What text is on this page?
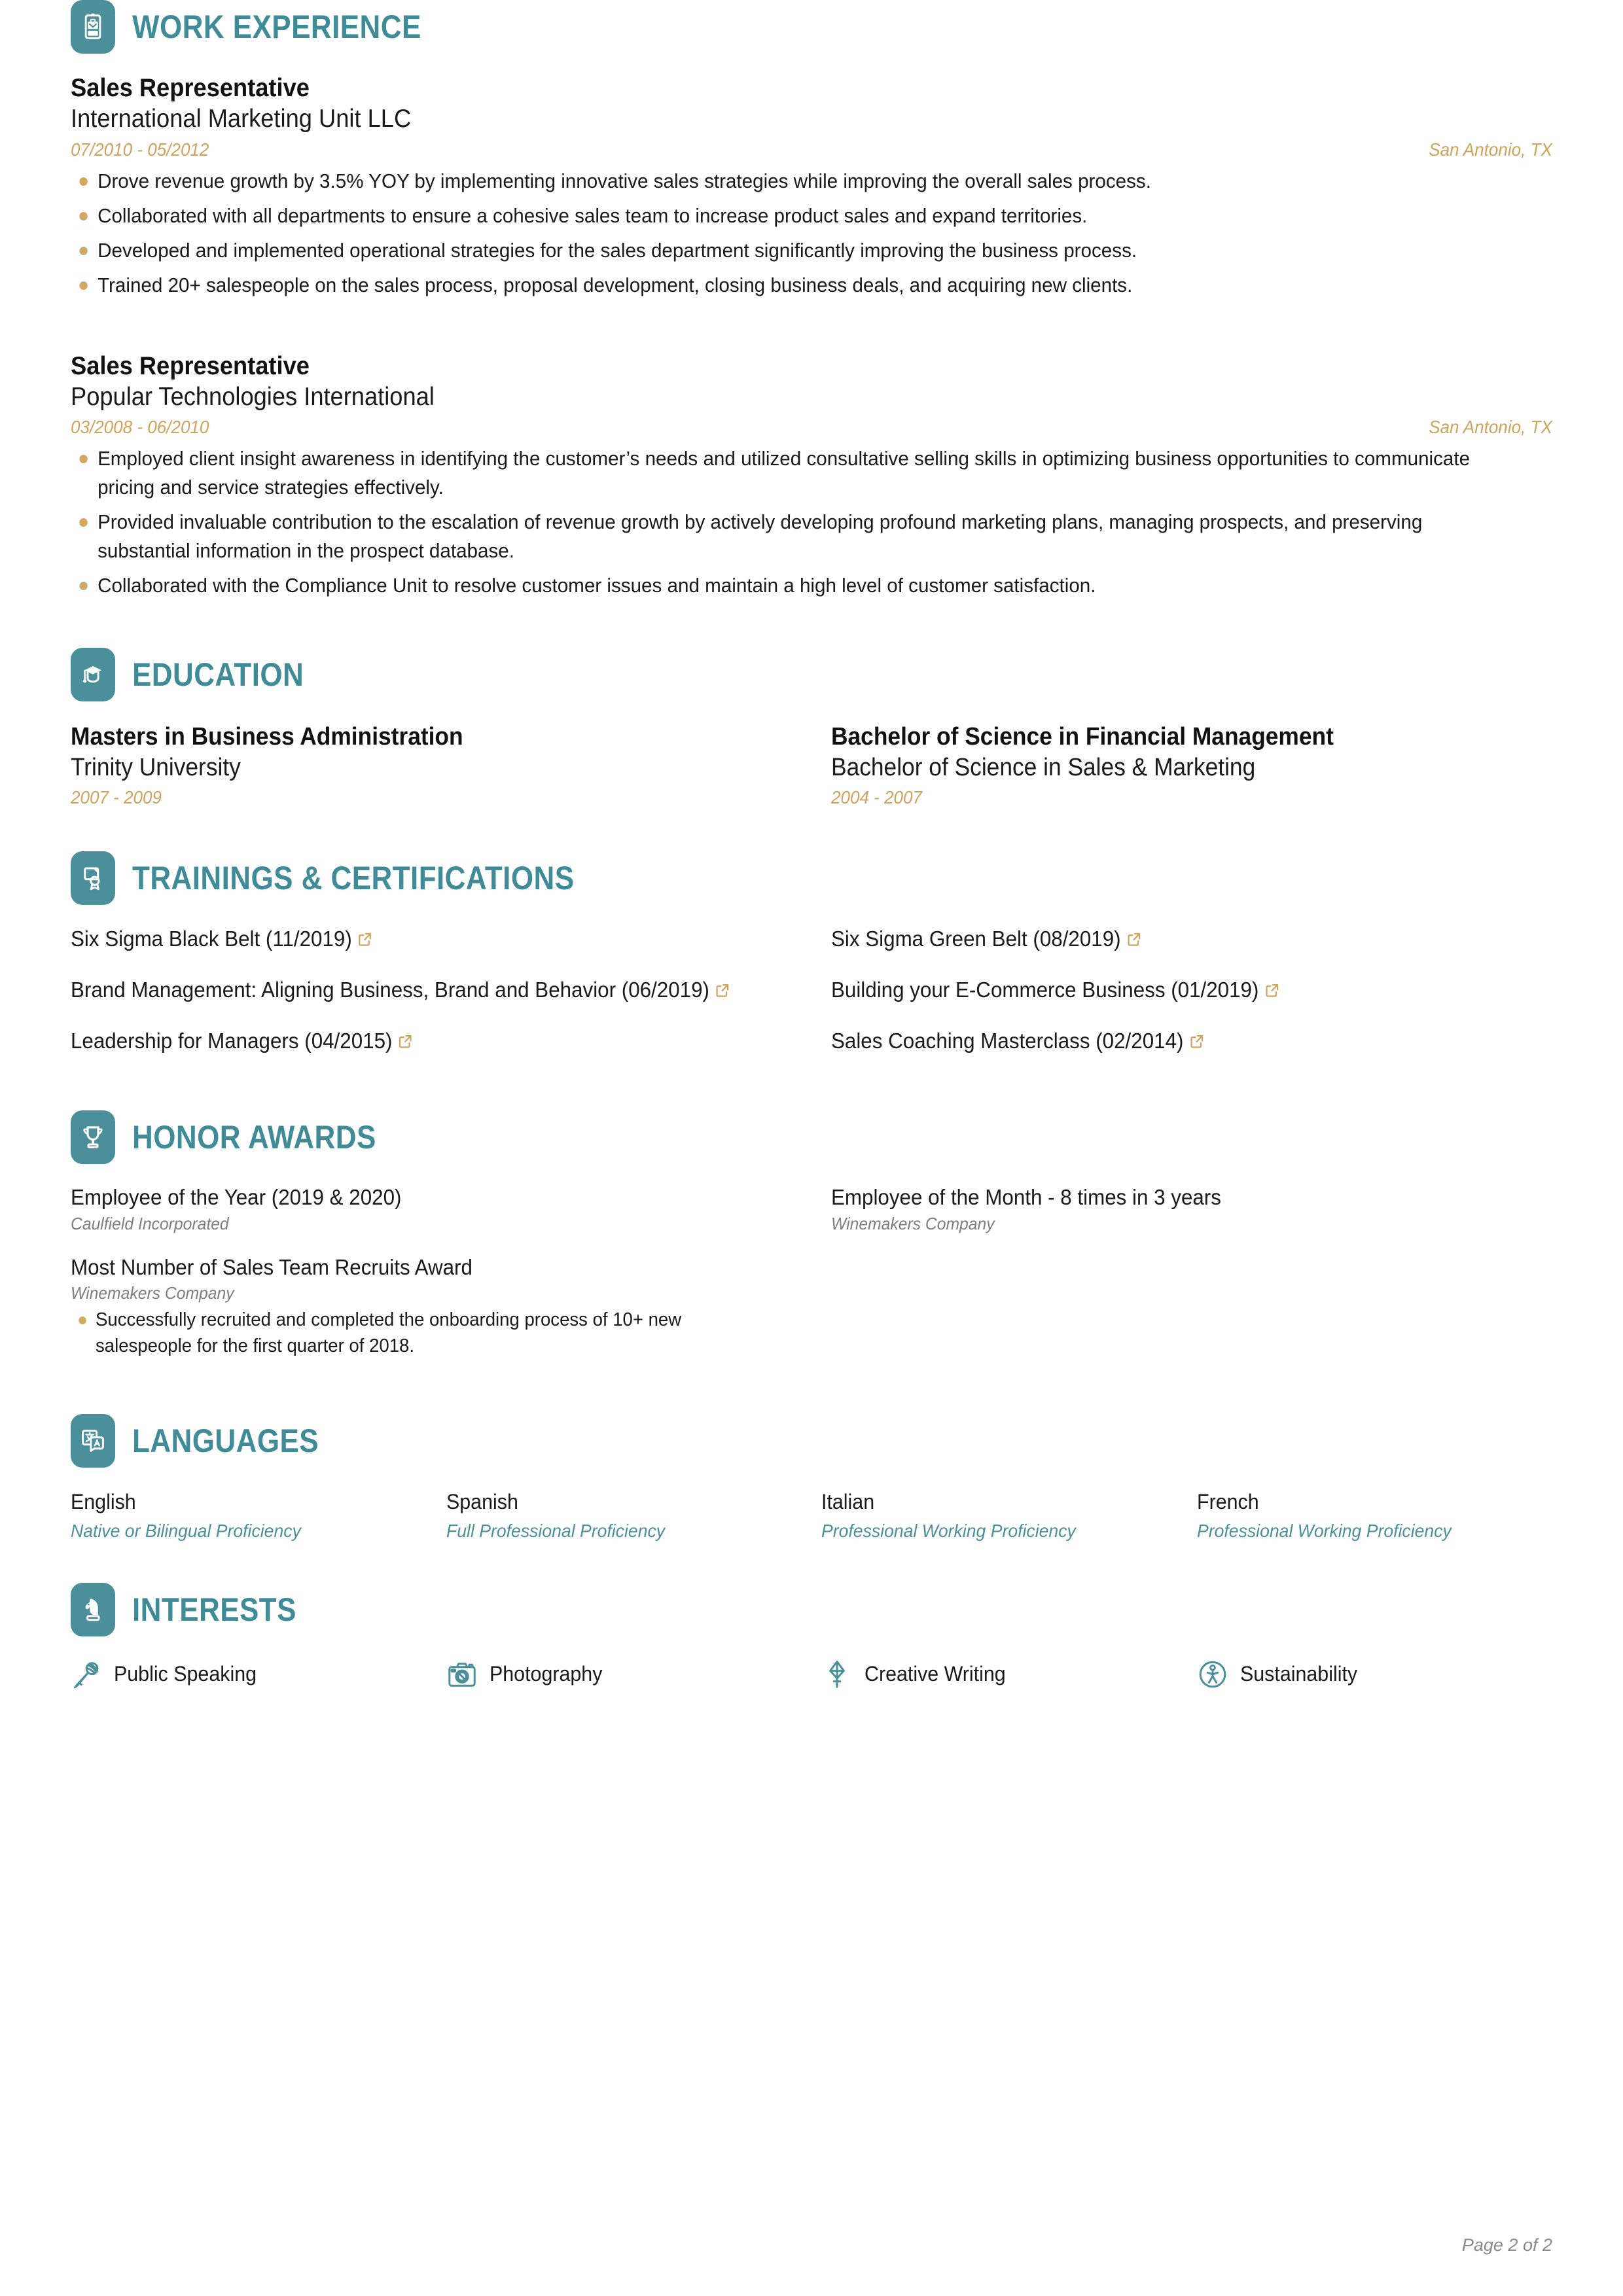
WORK EXPERIENCE
Sales Representative
International Marketing Unit LLC
07/2010 - 05/2012	San Antonio, TX
Drove revenue growth by 3.5% YOY by implementing innovative sales strategies while improving the overall sales process.
Collaborated with all departments to ensure a cohesive sales team to increase product sales and expand territories.
Developed and implemented operational strategies for the sales department significantly improving the business process.
Trained 20+ salespeople on the sales process, proposal development, closing business deals, and acquiring new clients.
Sales Representative
Popular Technologies International
03/2008 - 06/2010	San Antonio, TX
Employed client insight awareness in identifying the customer’s needs and utilized consultative selling skills in optimizing business opportunities to communicate pricing and service strategies effectively.
Provided invaluable contribution to the escalation of revenue growth by actively developing profound marketing plans, managing prospects, and preserving substantial information in the prospect database.
Collaborated with the Compliance Unit to resolve customer issues and maintain a high level of customer satisfaction.
EDUCATION
Masters in Business Administration
Trinity University
2007 - 2009
Bachelor of Science in Financial Management
Bachelor of Science in Sales & Marketing
2004 - 2007
TRAININGS & CERTIFICATIONS
Six Sigma Black Belt (11/2019)	Six Sigma Green Belt (08/2019)
Brand Management: Aligning Business, Brand and Behavior (06/2019)	Building your E-Commerce Business (01/2019)
Leadership for Managers (04/2015)	Sales Coaching Masterclass (02/2014)
HONOR AWARDS
Employee of the Year (2019 & 2020)
Caulfield Incorporated
Employee of the Month - 8 times in 3 years
Winemakers Company
Most Number of Sales Team Recruits Award
Winemakers Company
Successfully recruited and completed the onboarding process of 10+ new salespeople for the first quarter of 2018.
LANGUAGES
English
Native or Bilingual Proficiency
Spanish
Full Professional Proficiency
Italian
Professional Working Proficiency
French
Professional Working Proficiency
INTERESTS
Public Speaking	Photography	Creative Writing	Sustainability
Page 2 of 2
